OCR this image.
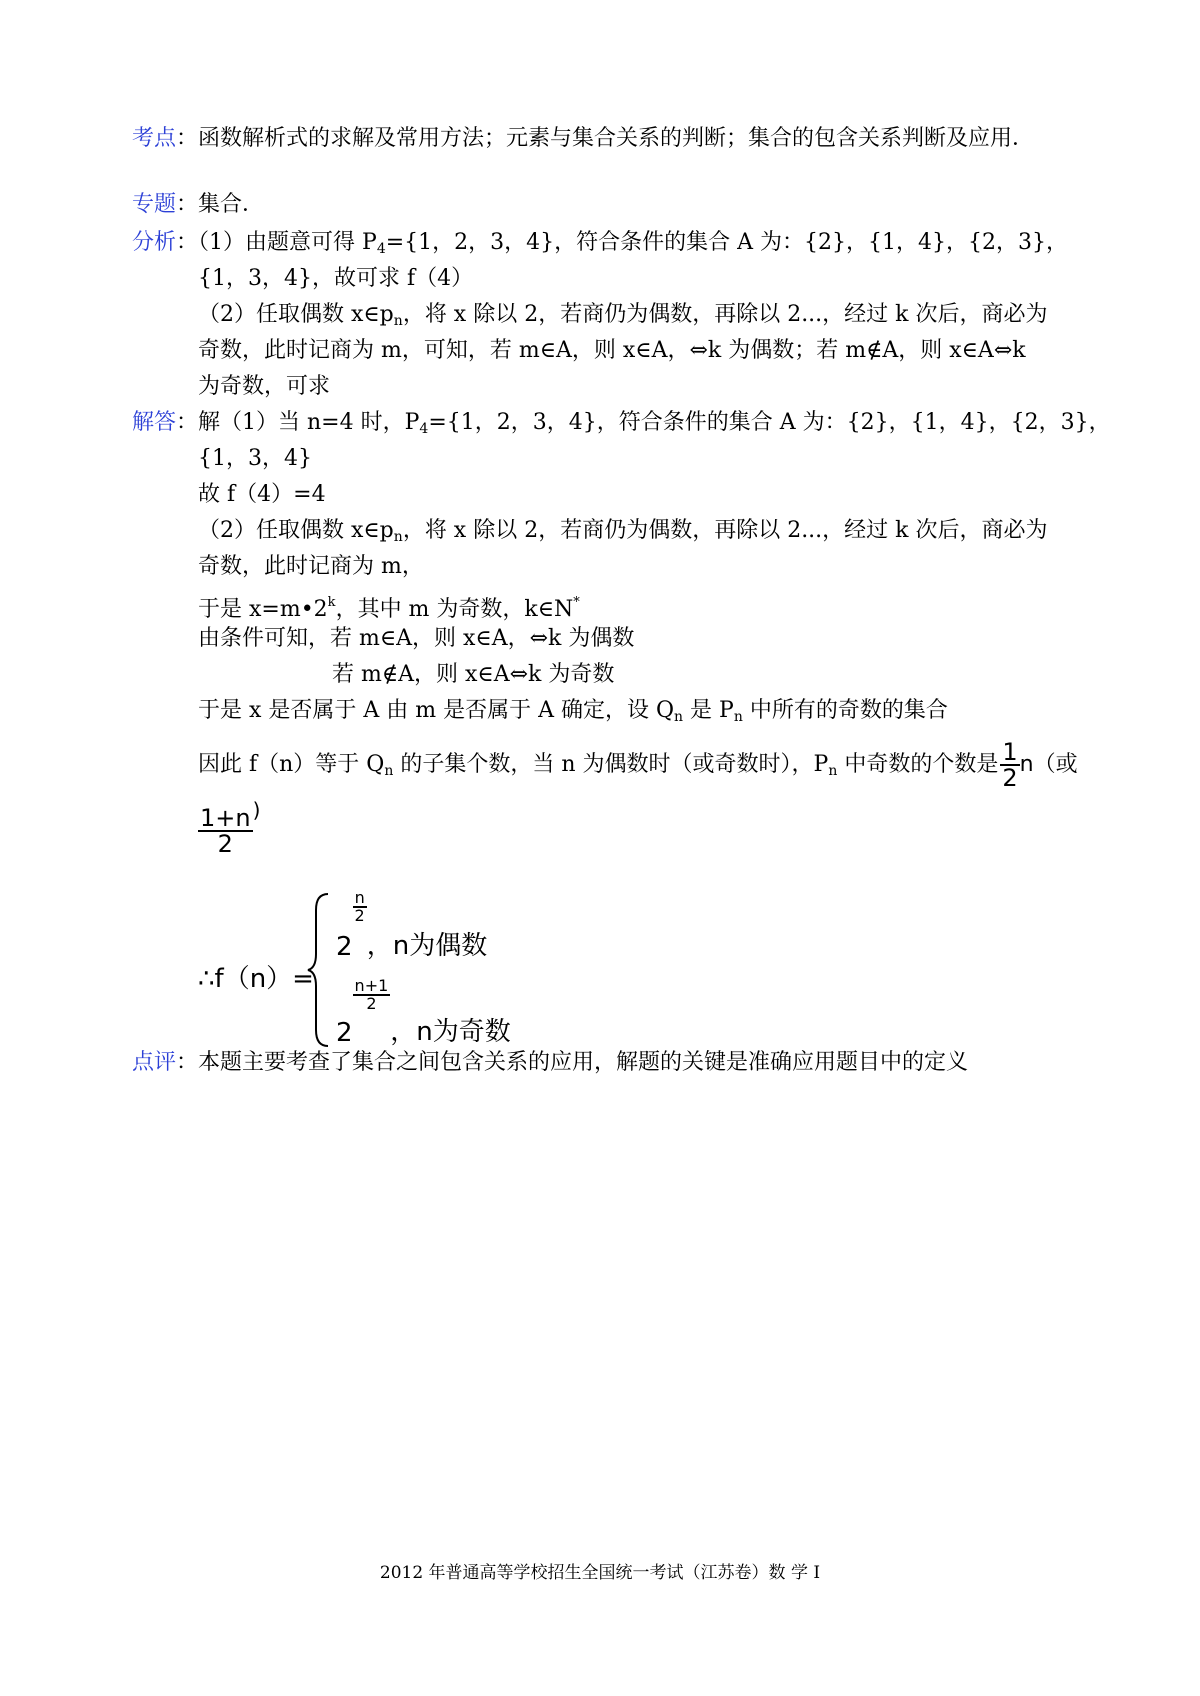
考点：函数解析式的求解及常用方法；元素与集合关系的判断；集合的包含关系判断及应用．
专题：集合．
分析：（1）由题意可得 $P_4=\{1$，2，3，4}，符合条件的集合 A 为：{2}，{1，4}，{2，3}，
{1，3，4}，故可求 f（4）
（2）任取偶数 $x\in p_n$，将 x 除以 2，若商仍为偶数，再除以 2...，经过 k 次后，商必为
奇数，此时记商为 m，可知，若 m∈A，则 x∈A，⇔k 为偶数；若 m∉A，则 x∈A⇔k
为奇数，可求
解答：解（1）当 n=4 时，$P_4=\{1$，2，3，4}，符合条件的集合 A 为：{2}，{1，4}，{2，3}，
{1，3，4}
故 f（4）=4
（2）任取偶数 $x\in p_n$，将 x 除以 2，若商仍为偶数，再除以 2...，经过 k 次后，商必为
奇数，此时记商为 m，
于是 $x=m•2^k$，其中 m 为奇数，k∈N*
由条件可知，若 m∈A，则 x∈A，⇔k 为偶数
若 m∉A，则 x∈A⇔k 为奇数
于是 x 是否属于 A 由 m 是否属于 A 确定，设 $Q_n$ 是 $P_n$ 中所有的奇数的集合
因此 f（n）等于 $Q_n$ 的子集个数，当 n 为偶数时（或奇数时），$P_n$ 中奇数的个数是 $\frac{1}{2} n$（或
$\frac{1+n}{2}$ )
∴f（n）=
2
$\frac{n}{2}$
，n为偶数
2
$\frac{n+1}{2}$
，n为奇数
点评：本题主要考查了集合之间包含关系的应用，解题的关键是准确应用题目中的定义
2012 年普通高等学校招生全国统一考试（江苏卷）数 学 Ⅰ
